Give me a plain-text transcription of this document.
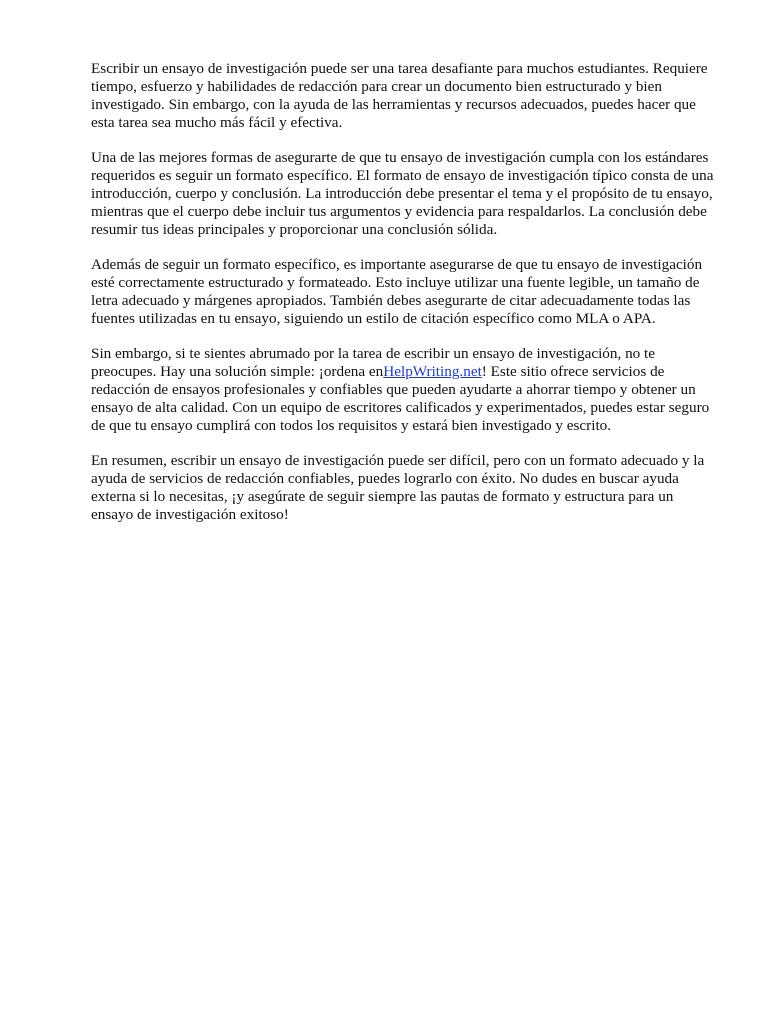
Escribir un ensayo de investigación puede ser una tarea desafiante para muchos estudiantes. Requiere tiempo, esfuerzo y habilidades de redacción para crear un documento bien estructurado y bien investigado. Sin embargo, con la ayuda de las herramientas y recursos adecuados, puedes hacer que esta tarea sea mucho más fácil y efectiva.

Una de las mejores formas de asegurarte de que tu ensayo de investigación cumpla con los estándares requeridos es seguir un formato específico. El formato de ensayo de investigación típico consta de una introducción, cuerpo y conclusión. La introducción debe presentar el tema y el propósito de tu ensayo, mientras que el cuerpo debe incluir tus argumentos y evidencia para respaldarlos. La conclusión debe resumir tus ideas principales y proporcionar una conclusión sólida.

Además de seguir un formato específico, es importante asegurarse de que tu ensayo de investigación esté correctamente estructurado y formateado. Esto incluye utilizar una fuente legible, un tamaño de letra adecuado y márgenes apropiados. También debes asegurarte de citar adecuadamente todas las fuentes utilizadas en tu ensayo, siguiendo un estilo de citación específico como MLA o APA.

Sin embargo, si te sientes abrumado por la tarea de escribir un ensayo de investigación, no te preocupes. Hay una solución simple: ¡ordena enHelpWriting.net! Este sitio ofrece servicios de redacción de ensayos profesionales y confiables que pueden ayudarte a ahorrar tiempo y obtener un ensayo de alta calidad. Con un equipo de escritores calificados y experimentados, puedes estar seguro de que tu ensayo cumplirá con todos los requisitos y estará bien investigado y escrito.

En resumen, escribir un ensayo de investigación puede ser difícil, pero con un formato adecuado y la ayuda de servicios de redacción confiables, puedes lograrlo con éxito. No dudes en buscar ayuda externa si lo necesitas, ¡y asegúrate de seguir siempre las pautas de formato y estructura para un ensayo de investigación exitoso!
